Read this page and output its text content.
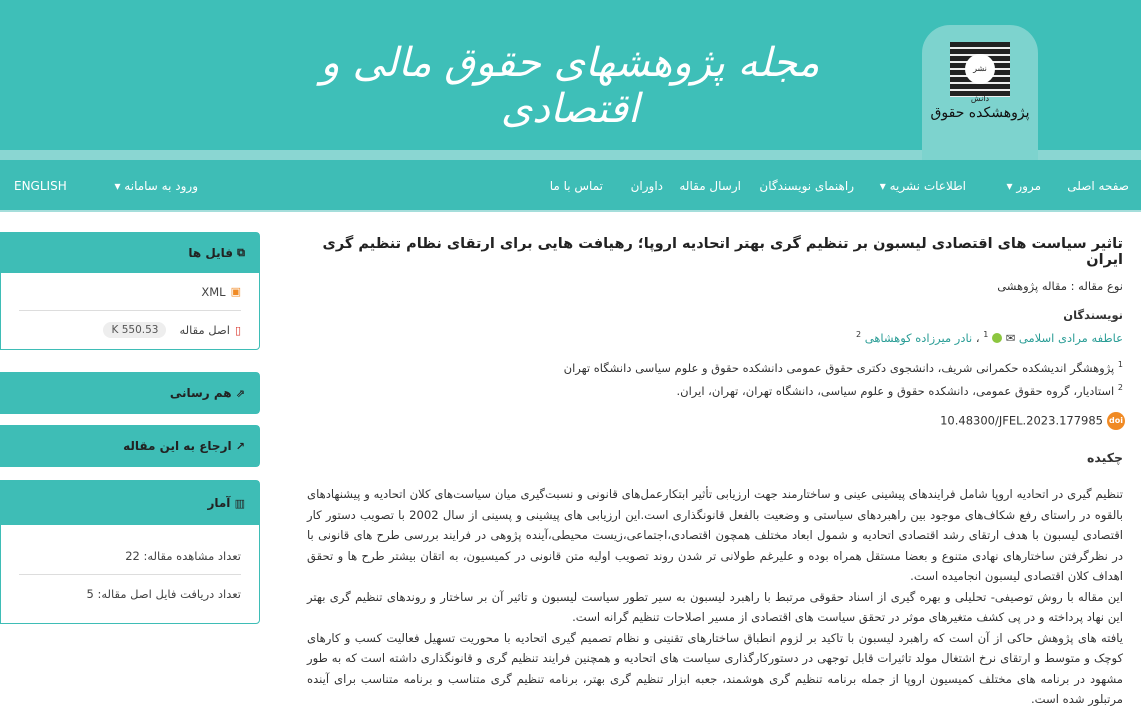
مجله پژوهشهای حقوق مالی و اقتصادی
نشر دانش
پژوهشکده حقوق
صفحه اصلی
مرور ▾
اطلاعات نشریه ▾
راهنمای نویسندگان
ارسال مقاله
داوران
تماس با ما
ورود به سامانه ▾
ENGLISH
تاثیر سیاست های اقتصادی لیسبون بر تنظیم گری بهتر اتحادیه اروپا؛ رهیافت هایی برای ارتقای نظام تنظیم گری ایران
نوع مقاله : مقاله پژوهشی
نویسندگان
عاطفه مرادی اسلامی ✉  $^1$ ، نادر میرزاده کوهشاهی $^2$
$^1$ پژوهشگر اندیشکده حکمرانی شریف، دانشجوی دکتری حقوق عمومی دانشکده حقوق و علوم سیاسی دانشگاه تهران
$^2$ استادیار، گروه حقوق عمومی، دانشکده حقوق و علوم سیاسی، دانشگاه تهران، تهران، ایران.
10.48300/JFEL.2023.177985 doi
چکیده

تنظیم گیری در اتحادیه اروپا شامل فرایندهای پیشینی عینی و ساختارمند جهت ارزیابی تأثیر ابتکارعمل‌های قانونی و نسبت‌گیری میان سیاست‌های کلان اتحادیه و پیشنهادهای بالقوه در راستای رفع شکاف‌های موجود بین راهبردهای سیاستی و وضعیت بالفعل قانونگذاری است.این ارزیابی های پیشینی و پسینی از سال 2002 با تصویب دستور کار اقتصادی لیسبون با هدف ارتقای رشد اقتصادی اتحادیه و شمول ابعاد مختلف همچون اقتصادی،اجتماعی،زیست محیطی،آینده پژوهی در فرایند بررسی طرح های قانونی با در نظرگرفتن ساختارهای نهادی متنوع و بعضا مستقل همراه بوده و علیرغم طولانی تر شدن روند تصویب اولیه متن قانونی در کمیسیون، به اتقان بیشتر طرح ها و تحقق اهداف کلان اقتصادی لیسبون انجامیده است.

این مقاله با روش توصیفی- تحلیلی و بهره گیری از اسناد حقوقی مرتبط با راهبرد لیسبون به سیر تطور سیاست لیسبون و تاثیر آن بر ساختار و روندهای تنظیم گری بهتر این نهاد پرداخته و در پی کشف متغیرهای موثر در تحقق سیاست های اقتصادی از مسیر اصلاحات تنظیم گرانه است.

یافته های پژوهش حاکی از آن است که راهبرد لیسبون با تاکید بر لزوم انطباق ساختارهای تقنینی و نظام تصمیم گیری اتحادیه با محوریت تسهیل فعالیت کسب و کارهای کوچک و متوسط و ارتقای نرخ اشتغال مولد تاثیرات قابل توجهی در دستورکارگذاری سیاست های اتحادیه و همچنین فرایند تنظیم گری و قانونگذاری داشته است که به طور مشهود در برنامه های مختلف کمیسیون اروپا از جمله برنامه تنظیم گری هوشمند، جعبه ابزار تنظیم گری بهتر، برنامه تنظیم گری متناسب و برنامه متناسب برای آینده مرتبلور شده است.

⧉

فایل ها
▣
XML
▯
اصل مقاله
550.53 K
⇗

هم رسانی
↗

ارجاع به این مقاله
▥

آمار
تعداد مشاهده مقاله: 22
تعداد دریافت فایل اصل مقاله: 5
